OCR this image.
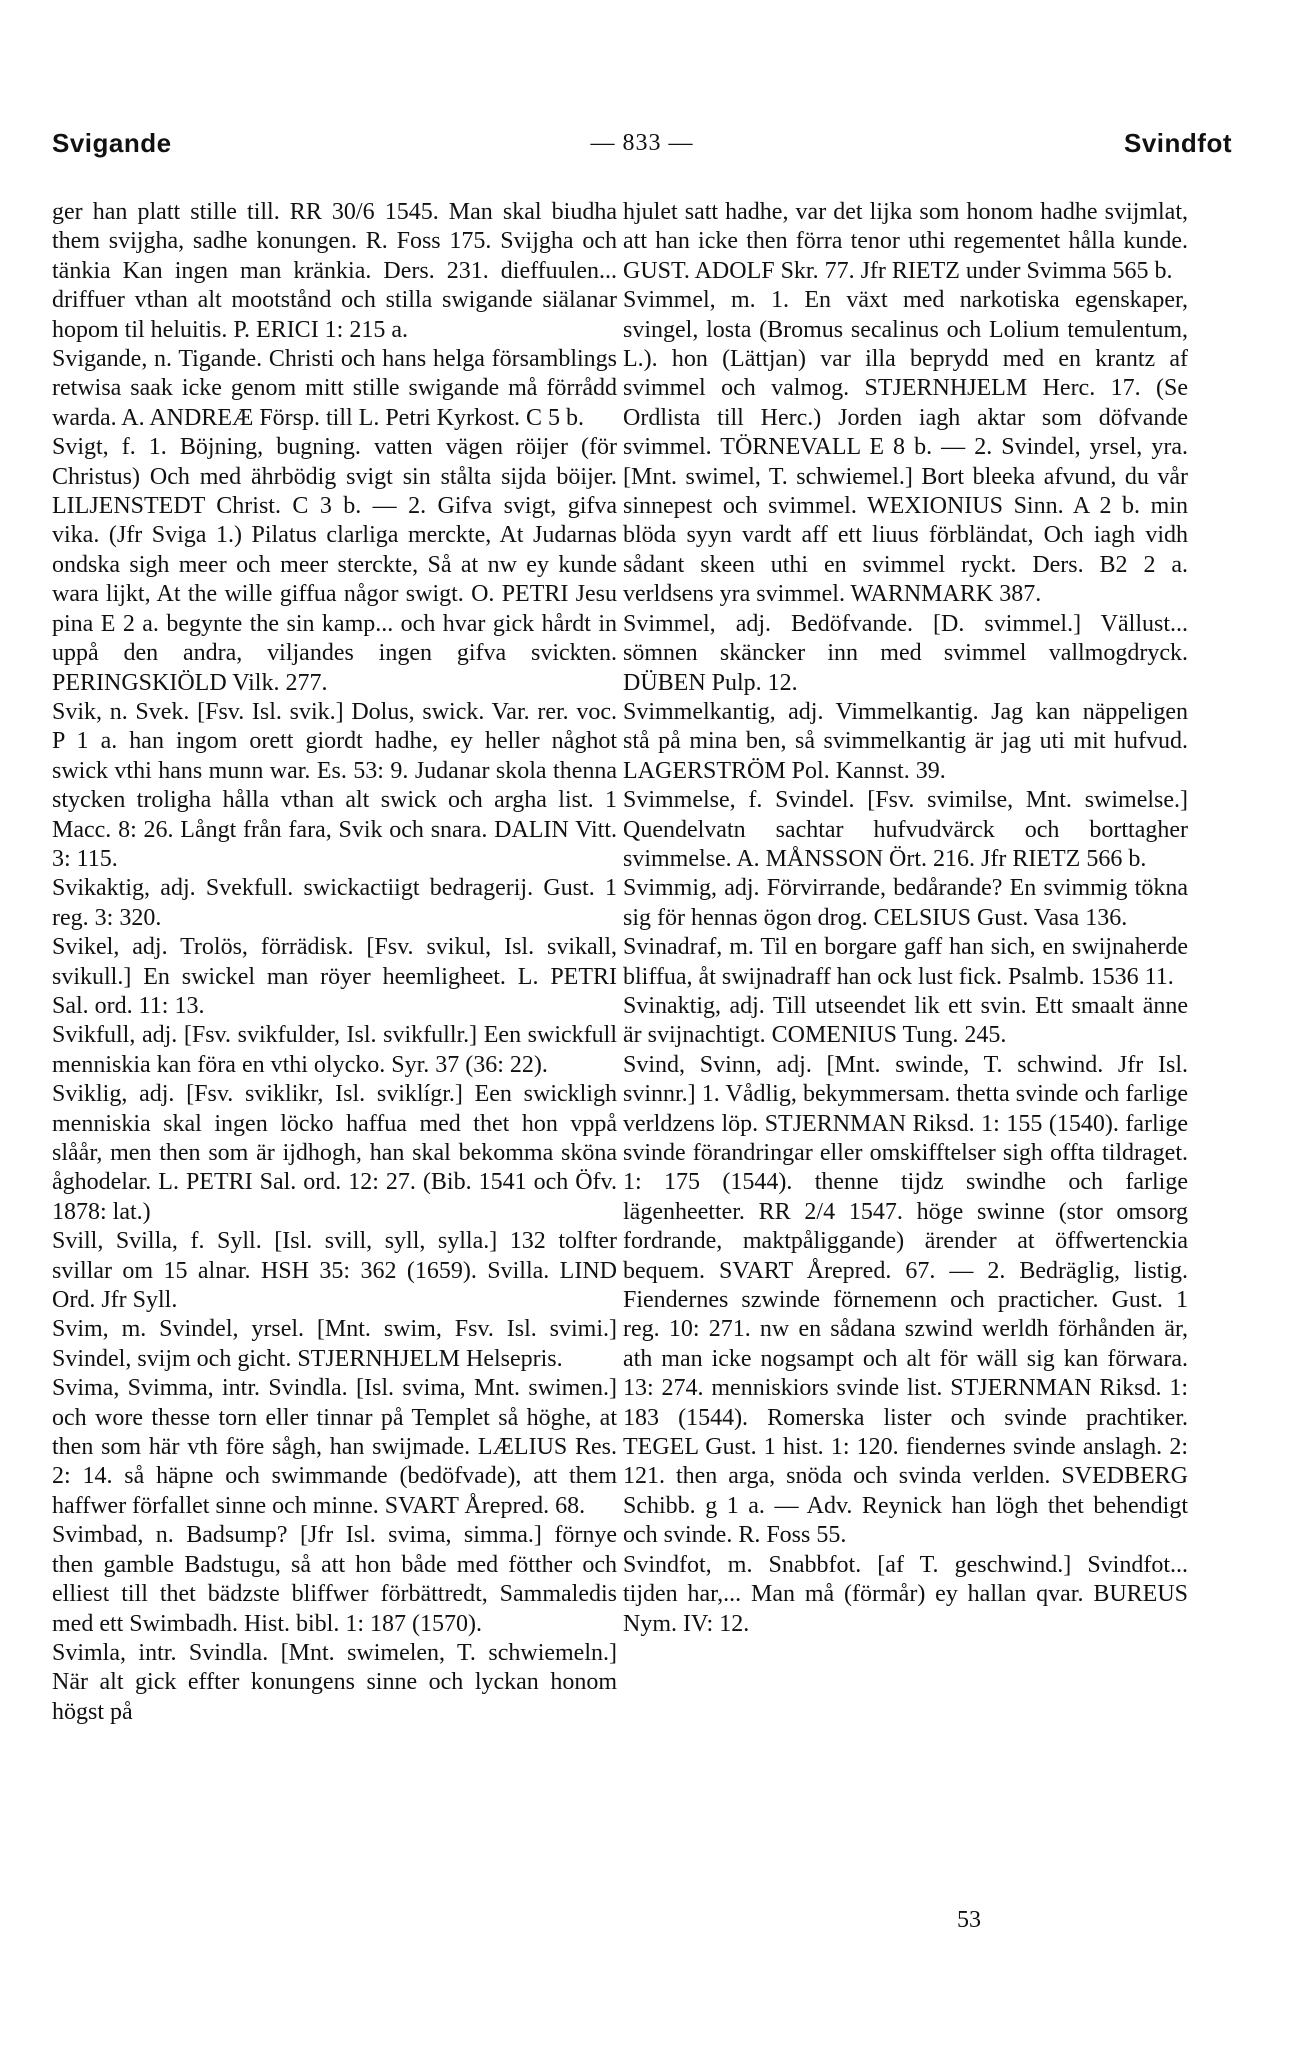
Svigande	— 833 —	Svindfot

ger han platt stille till. RR 30/6 1545. Man skal biudha them svijgha, sadhe konungen. R. Foss 175. Svijgha och tänkia Kan ingen man kränkia. Ders. 231. dieffuulen... driffuer vthan alt mootstånd och stilla swigande siälanar hopom til heluitis. P. ERICI 1: 215 a.

Svigande, n. Tigande. Christi och hans helga församblings retwisa saak icke genom mitt stille swigande må förrådd warda. A. ANDREÆ Försp. till L. Petri Kyrkost. C 5 b.

Svigt, f. 1. Böjning, bugning. vatten vägen röijer (för Christus) Och med ährbödig svigt sin stålta sijda böijer. LILJENSTEDT Christ. C 3 b. — 2. Gifva svigt, gifva vika. (Jfr Sviga 1.) Pilatus clarliga merckte, At Judarnas ondska sigh meer och meer sterckte, Så at nw ey kunde wara lijkt, At the wille giffua någor swigt. O. PETRI Jesu pina E 2 a. begynte the sin kamp... och hvar gick hårdt in uppå den andra, viljandes ingen gifva svickten. PERINGSKIÖLD Vilk. 277.

Svik, n. Svek. [Fsv. Isl. svik.] Dolus, swick. Var. rer. voc. P 1 a. han ingom orett giordt hadhe, ey heller någhot swick vthi hans munn war. Es. 53: 9. Judanar skola thenna stycken troligha hålla vthan alt swick och argha list. 1 Macc. 8: 26. Långt från fara, Svik och snara. DALIN Vitt. 3: 115.

Svikaktig, adj. Svekfull. swickactiigt bedragerij. Gust. 1 reg. 3: 320.

Svikel, adj. Trolös, förrädisk. [Fsv. svikul, Isl. svikall, svikull.] En swickel man röyer heemligheet. L. PETRI Sal. ord. 11: 13.

Svikfull, adj. [Fsv. svikfulder, Isl. svikfullr.] Een swickfull menniskia kan föra en vthi olycko. Syr. 37 (36: 22).

Sviklig, adj. [Fsv. sviklikr, Isl. sviklígr.] Een swickligh menniskia skal ingen löcko haffua med thet hon vppå slåår, men then som är ijdhogh, han skal bekomma sköna åghodelar. L. PETRI Sal. ord. 12: 27. (Bib. 1541 och Öfv. 1878: lat.)

Svill, Svilla, f. Syll. [Isl. svill, syll, sylla.] 132 tolfter svillar om 15 alnar. HSH 35: 362 (1659). Svilla. LIND Ord. Jfr Syll.

Svim, m. Svindel, yrsel. [Mnt. swim, Fsv. Isl. svimi.] Svindel, svijm och gicht. STJERNHJELM Helsepris.

Svima, Svimma, intr. Svindla. [Isl. svima, Mnt. swimen.] och wore thesse torn eller tinnar på Templet så höghe, at then som här vth före sågh, han swijmade. LÆLIUS Res. 2: 14. så häpne och swimmande (bedöfvade), att them haffwer förfallet sinne och minne. SVART Årepred. 68.

Svimbad, n. Badsump? [Jfr Isl. svima, simma.] förnye then gamble Badstugu, så att hon både med fötther och elliest till thet bädzste bliffwer förbättredt, Sammaledis med ett Swimbadh. Hist. bibl. 1: 187 (1570).

Svimla, intr. Svindla. [Mnt. swimelen, T. schwiemeln.] När alt gick effter konungens sinne och lyckan honom högst på

hjulet satt hadhe, var det lijka som honom hadhe svijmlat, att han icke then förra tenor uthi regementet hålla kunde. GUST. ADOLF Skr. 77. Jfr RIETZ under Svimma 565 b.

Svimmel, m. 1. En växt med narkotiska egenskaper, svingel, losta (Bromus secalinus och Lolium temulentum, L.). hon (Lättjan) var illa beprydd med en krantz af svimmel och valmog. STJERNHJELM Herc. 17. (Se Ordlista till Herc.) Jorden iagh aktar som döfvande svimmel. TÖRNEVALL E 8 b. — 2. Svindel, yrsel, yra. [Mnt. swimel, T. schwiemel.] Bort bleeka afvund, du vår sinnepest och svimmel. WEXIONIUS Sinn. A 2 b. min blöda syyn vardt aff ett liuus förbländat, Och iagh vidh sådant skeen uthi en svimmel ryckt. Ders. B2 2 a. verldsens yra svimmel. WARNMARK 387.

Svimmel, adj. Bedöfvande. [D. svimmel.] Vällust... sömnen skäncker inn med svimmel vallmogdryck. DÜBEN Pulp. 12.

Svimmelkantig, adj. Vimmelkantig. Jag kan näppeligen stå på mina ben, så svimmelkantig är jag uti mit hufvud. LAGERSTRÖM Pol. Kannst. 39.

Svimmelse, f. Svindel. [Fsv. svimilse, Mnt. swimelse.] Quendelvatn sachtar hufvudvärck och borttagher svimmelse. A. MÅNSSON Ört. 216. Jfr RIETZ 566 b.

Svimmig, adj. Förvirrande, bedårande? En svimmig tökna sig för hennas ögon drog. CELSIUS Gust. Vasa 136.

Svinadraf, m. Til en borgare gaff han sich, en swijnaherde bliffua, åt swijnadraff han ock lust fick. Psalmb. 1536 11.

Svinaktig, adj. Till utseendet lik ett svin. Ett smaalt änne är svijnachtigt. COMENIUS Tung. 245.

Svind, Svinn, adj. [Mnt. swinde, T. schwind. Jfr Isl. svinnr.] 1. Vådlig, bekymmersam. thetta svinde och farlige verldzens löp. STJERNMAN Riksd. 1: 155 (1540). farlige svinde förandringar eller omskifftelser sigh offta tildraget. 1: 175 (1544). thenne tijdz swindhe och farlige lägenheetter. RR 2/4 1547. höge swinne (stor omsorg fordrande, maktpåliggande) ärender at öffwertenckia bequem. SVART Årepred. 67. — 2. Bedräglig, listig. Fiendernes szwinde förnemenn och practicher. Gust. 1 reg. 10: 271. nw en sådana szwind werldh förhånden är, ath man icke nogsampt och alt för wäll sig kan förwara. 13: 274. menniskiors svinde list. STJERNMAN Riksd. 1: 183 (1544). Romerska lister och svinde prachtiker. TEGEL Gust. 1 hist. 1: 120. fiendernes svinde anslagh. 2: 121. then arga, snöda och svinda verlden. SVEDBERG Schibb. g 1 a. — Adv. Reynick han lögh thet behendigt och svinde. R. Foss 55.

Svindfot, m. Snabbfot. [af T. geschwind.] Svindfot... tijden har,... Man må (förmår) ey hallan qvar. BUREUS Nym. IV: 12.

53
